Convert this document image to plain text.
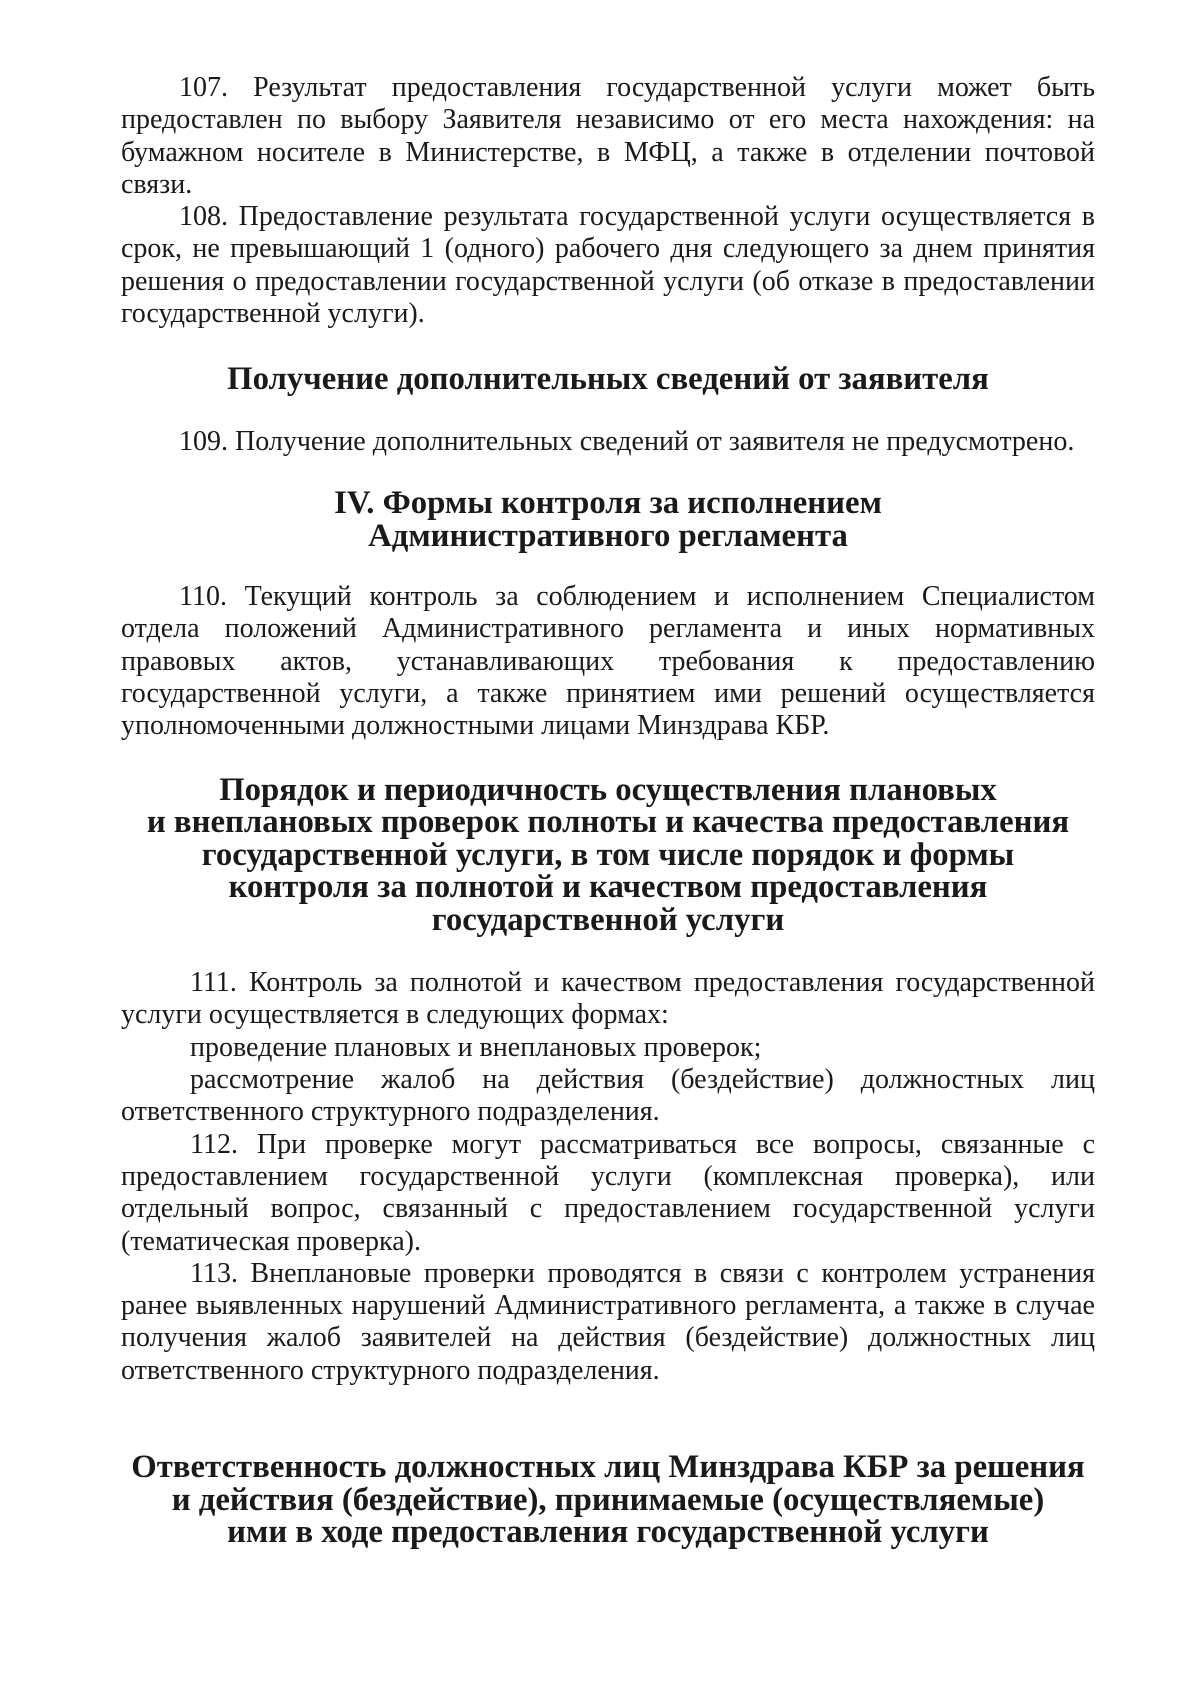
107. Результат предоставления государственной услуги может быть предоставлен по выбору Заявителя независимо от его места нахождения: на бумажном носителе в Министерстве, в МФЦ, а также в отделении почтовой связи.

108. Предоставление результата государственной услуги осуществляется в срок, не превышающий 1 (одного) рабочего дня следующего за днем принятия решения о предоставлении государственной услуги (об отказе в предоставлении государственной услуги).

Получение дополнительных сведений от заявителя

109. Получение дополнительных сведений от заявителя не предусмотрено.

IV. Формы контроля за исполнением
Административного регламента

110. Текущий контроль за соблюдением и исполнением Специалистом отдела положений Административного регламента и иных нормативных правовых актов, устанавливающих требования к предоставлению государственной услуги, а также принятием ими решений осуществляется уполномоченными должностными лицами Минздрава КБР.

Порядок и периодичность осуществления плановых
и внеплановых проверок полноты и качества предоставления
государственной услуги, в том числе порядок и формы
контроля за полнотой и качеством предоставления
государственной услуги

111. Контроль за полнотой и качеством предоставления государственной услуги осуществляется в следующих формах:

проведение плановых и внеплановых проверок;

рассмотрение жалоб на действия (бездействие) должностных лиц ответственного структурного подразделения.

112. При проверке могут рассматриваться все вопросы, связанные с предоставлением государственной услуги (комплексная проверка), или отдельный вопрос, связанный с предоставлением государственной услуги (тематическая проверка).

113. Внеплановые проверки проводятся в связи с контролем устранения ранее выявленных нарушений Административного регламента, а также в случае получения жалоб заявителей на действия (бездействие) должностных лиц ответственного структурного подразделения.

Ответственность должностных лиц Минздрава КБР за решения
и действия (бездействие), принимаемые (осуществляемые)
ими в ходе предоставления государственной услуги
